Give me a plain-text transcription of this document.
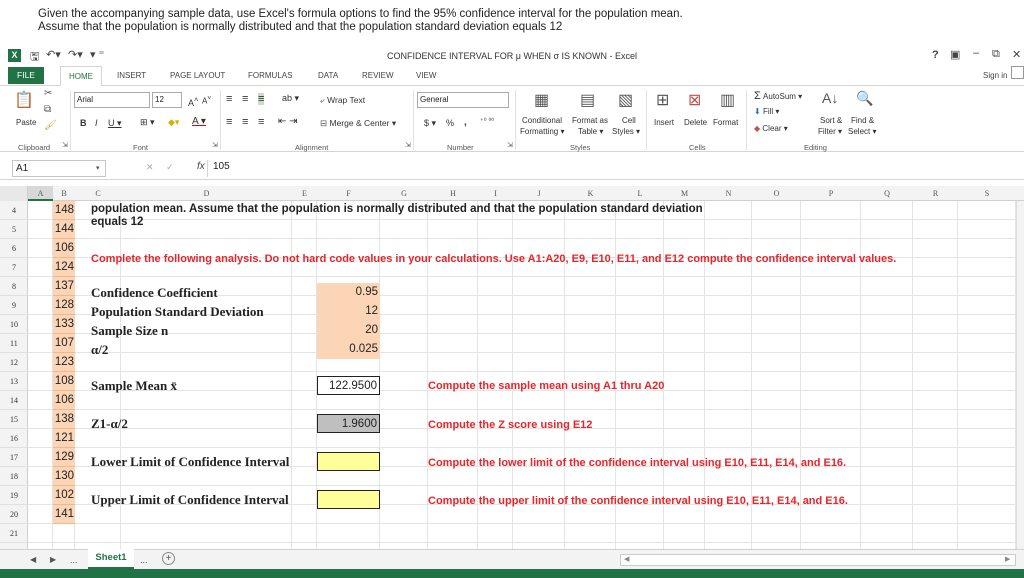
Given the accompanying sample data, use Excel's formula options to find the 95% confidence interval for the population mean.
Assume that the population is normally distributed and that the population standard deviation equals 12
X	🖫 ↶▾ ↷▾ ▾ ⁼	CONFIDENCE INTERVAL FOR μ WHEN σ IS KNOWN - Excel	? ▣ – ⧉ ✕
FILE	HOME	INSERT	PAGE LAYOUT	FORMULAS	DATA	REVIEW	VIEW	Sign in
📋
Paste
✂
⧉
🖌
Clipboard ⇲
Arial	12	A˄ A˅
B I U ▾ ⊞ ▾ ◆▾ A ▾
Font	⇲
≡ ≡ ≡ ab ▾
≡ ≡ ≡ ⇤ ⇥
⤶ Wrap Text
⊟ Merge & Center ▾
Alignment	⇲
General
$ ▾ % , ⁺⁰ ⁰⁰
Number	⇲
▦
Conditional
Formatting ▾
▤
Format as
Table ▾
▧
Cell
Styles ▾
Styles
⊞
Insert
⊠
Delete
▥
Format
Cells
Σ AutoSum ▾
⬇ Fill ▾
◆ Clear ▾
A↓
Sort &
Filter ▾
🔍
Find &
Select ▾
Editing
A1	▾	✕ ✓ fx 105
A	B	C	D	E	F	G	H	I	J	K	L	M	N	O	P	Q	R	S
4
5
6
7
8
9
10
11
12
13
14
15
16
17
18
19
20
21
148
144
106
124
137
128
133
107
123
108
106
138
121
129
130
102
141
population mean. Assume that the population is normally distributed and that the population standard deviation
equals 12
Complete the following analysis. Do not hard code values in your calculations. Use A1:A20, E9, E10, E11, and E12 compute the confidence interval values.
Confidence Coefficient
Population Standard Deviation
Sample Size n
α/2
Sample Mean x̄
Z1-α/2
Lower Limit of Confidence Interval
Upper Limit of Confidence Interval
0.95
12
20
0.025
122.9500
1.9600
Compute the sample mean using A1 thru A20
Compute the Z score using E12
Compute the lower limit of the confidence interval using E10, E11, E14, and E16.
Compute the upper limit of the confidence interval using E10, E11, E14, and E16.
◀ ▶ ...	Sheet1	...	+	◀	▶
